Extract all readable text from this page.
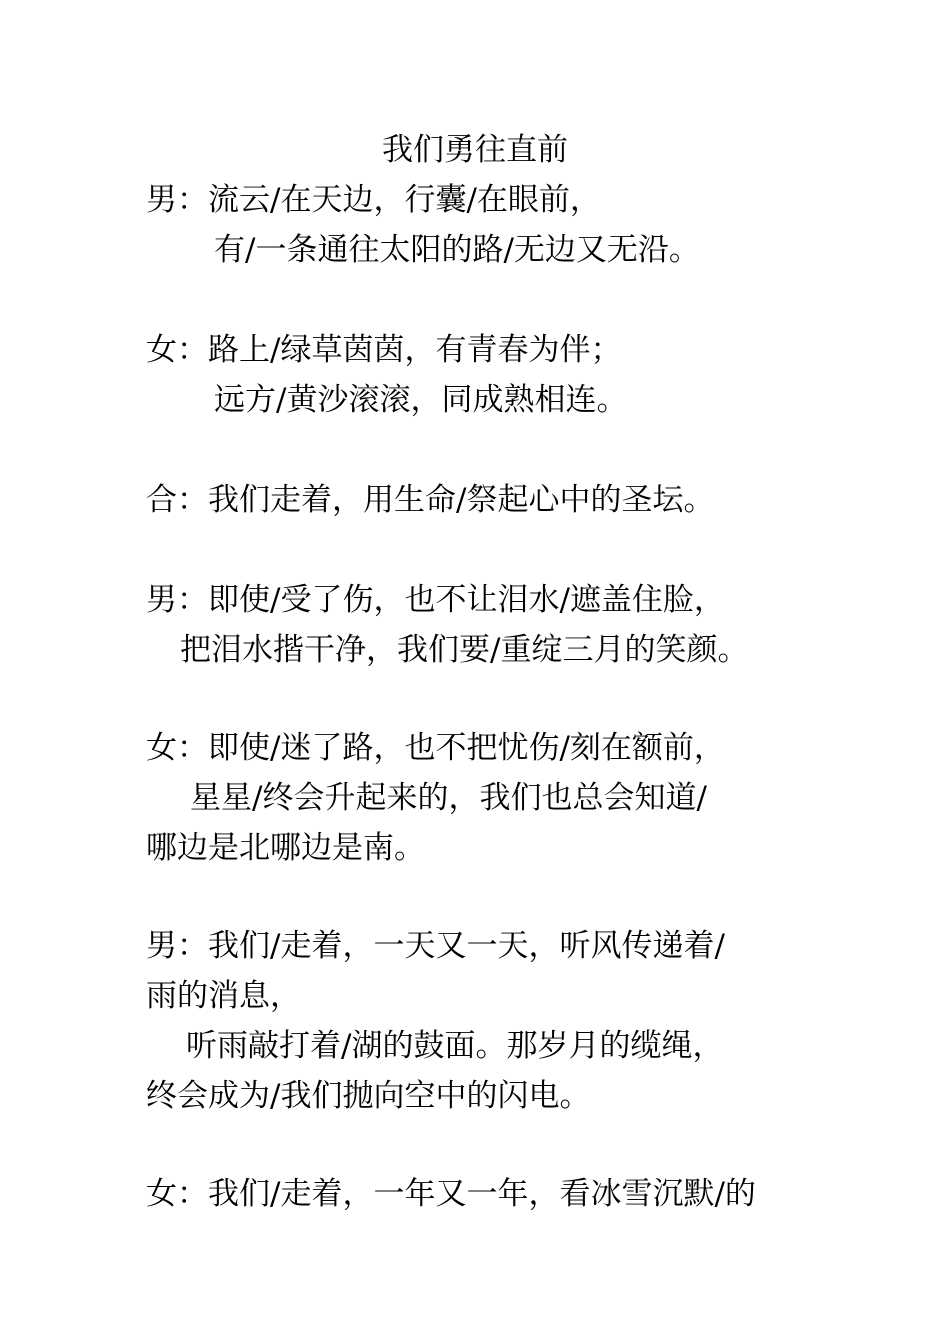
我们勇往直前
男：流云/在天边，行囊/在眼前，
有/一条通往太阳的路/无边又无沿。
女：路上/绿草茵茵，有青春为伴；
远方/黄沙滚滚，同成熟相连。
合：我们走着，用生命/祭起心中的圣坛。
男：即使/受了伤，也不让泪水/遮盖住脸，
把泪水揩干净，我们要/重绽三月的笑颜。
女：即使/迷了路，也不把忧伤/刻在额前，
星星/终会升起来的，我们也总会知道/
哪边是北哪边是南。
男：我们/走着，一天又一天，听风传递着/
雨的消息，
听雨敲打着/湖的鼓面。那岁月的缆绳，
终会成为/我们抛向空中的闪电。
女：我们/走着，一年又一年，看冰雪沉默/的
